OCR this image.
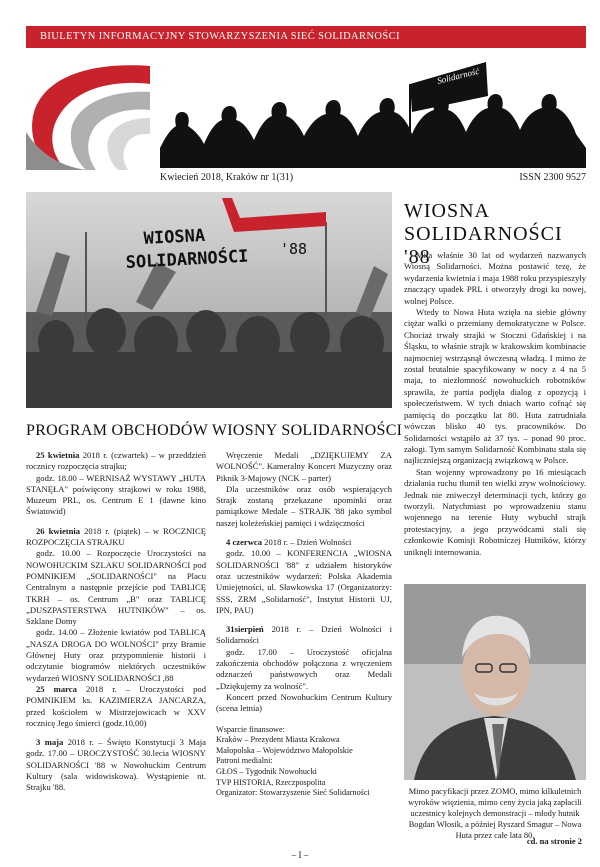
BIULETYN INFORMACYJNY STOWARZYSZENIA SIEĆ SOLIDARNOŚCI
Solidarność
Kwiecień 2018, Kraków nr 1(31)	ISSN 2300 9527
WIOSNA
SOLIDARNOŚCI '88
WIOSNA
SOLIDARNOŚCI '88

Mija właśnie 30 lat od wydarzeń nazwanych Wiosną Solidarności. Można postawić tezę, że wydarzenia kwietnia i maja 1988 roku przyspieszyły znaczący upadek PRL i otworzyły drogi ku nowej, wolnej Polsce.

Wtedy to Nowa Huta wzięła na siebie główny ciężar walki o przemiany demokratyczne w Polsce. Chociaż trwały strajki w Stoczni Gdańskiej i na Śląsku, to właśnie strajk w krakowskim kombinacie najmocniej wstrząsnął ówczesną władzą. I mimo że został brutalnie spacyfikowany w nocy z 4 na 5 maja, to niezłomność nowohuckich robotników sprawiła, że partia podjęła dialog z opozycją i społeczeństwem. W tych dniach warto cofnąć się pamięcią do początku lat 80. Huta zatrudniała wówczas blisko 40 tys. pracowników. Do Solidarności wstąpiło aż 37 tys. – ponad 90 proc. załogi. Tym samym Solidarność Kombinatu stała się najliczniejszą organizacją związkową w Polsce.

Stan wojenny wprowadzony po 16 miesiącach działania ruchu tłumił ten wielki zryw wolnościowy. Jednak nie zniweczył determinacji tych, którzy go tworzyli. Natychmiast po wprowadzeniu stanu wojennego na terenie Huty wybuchł strajk protestacyjny, a jego przywódcami stali się członkowie Komisji Robotniczej Hutników, którzy uniknęli internowania.

Mimo pacyfikacji przez ZOMO, mimo kilkuletnich wyroków więzienia, mimo ceny życia jaką zapłacili uczestnicy kolejnych demonstracji – młody hutnik Bogdan Włosik, a później Ryszard Smagur – Nowa Huta przez całe lata 80.
cd. na stronie 2
PROGRAM OBCHODÓW WIOSNY SOLIDARNOŚCI

25 kwietnia 2018 r. (czwartek) – w przeddzień rocznicy rozpoczęcia strajku;

godz. 18.00 – WERNISAŻ WYSTAWY „HUTA STANĘŁA" poświęcony strajkowi w roku 1988, Muzeum PRL, os. Centrum E 1 (dawne kino Światowid)

26 kwietnia 2018 r. (piątek) – w ROCZNICĘ ROZPOCZĘCIA STRAJKU

godz. 10.00 – Rozpoczęcie Uroczystości na NOWOHUCKIM SZLAKU SOLIDARNOŚCI pod POMNIKIEM „SOLIDARNOŚCI" na Placu Centralnym a następnie przejście pod TABLICĘ TKRH – os. Centrum „B" oraz TABLICĘ „DUSZPASTERSTWA HUTNIKÓW" – os. Szklane Domy

godz. 14.00 – Złożenie kwiatów pod TABLICĄ „NASZA DROGA DO WOLNOŚCI" przy Bramie Głównej Huty oraz przypomnienie historii i odczytanie biogramów niektórych uczestników wydarzeń WIOSNY SOLIDARNOŚCI ,88

25 marca 2018 r. – Uroczystości pod POMNIKIEM ks. KAZIMIERZA JANCARZA, przed kościołem w Mistrzejowicach w XXV rocznicę Jego śmierci (godz.10,00)

3 maja 2018 r. – Święto Konstytucji 3 Maja godz. 17.00 – UROCZYSTOŚĆ 30.lecia WIOSNY SOLIDARNOŚCI '88 w Nowohuckim Centrum Kultury (sala widowiskowa). Wystąpienie nt. Strajku '88.

Wręczenie Medali „DZIĘKUJEMY ZA WOLNOŚĆ". Kameralny Koncert Muzyczny oraz Piknik 3-Majowy (NCK – parter)

Dla uczestników oraz osób wspierających Strajk zostaną przekazane upominki oraz pamiątkowe Medale – STRAJK '88 jako symbol naszej koleżeńskiej pamięci i wdzięczności

4 czerwca 2018 r. – Dzień Wolności

godz. 10.00 – KONFERENCJA „WIOSNA SOLIDARNOŚCI '88" z udziałem historyków oraz uczestników wydarzeń: Polska Akademia Umiejętności, ul. Sławkowska 17 (Organizatorzy: SSS, ZRM „Solidarność", Instytut Historii UJ, IPN, PAU)

31sierpień 2018 r. – Dzień Wolności i Solidarności

godz. 17.00 – Uroczystość oficjalna zakończenia obchodów połączona z wręczeniem odznaczeń państwowych oraz Medali „Dziękujemy za wolność".

Koncert przed Nowohuckim Centrum Kultury (scena letnia)

Wsparcie finansowe:
Kraków – Prezydent Miasta Krakowa
Małopolska – Województwo Małopolskie
Patroni medialni:
GŁOS – Tygodnik Nowohucki
TVP HISTORIA, Rzeczpospolita
Organizator: Stowarzyszenie Sieć Solidarności
– I –
